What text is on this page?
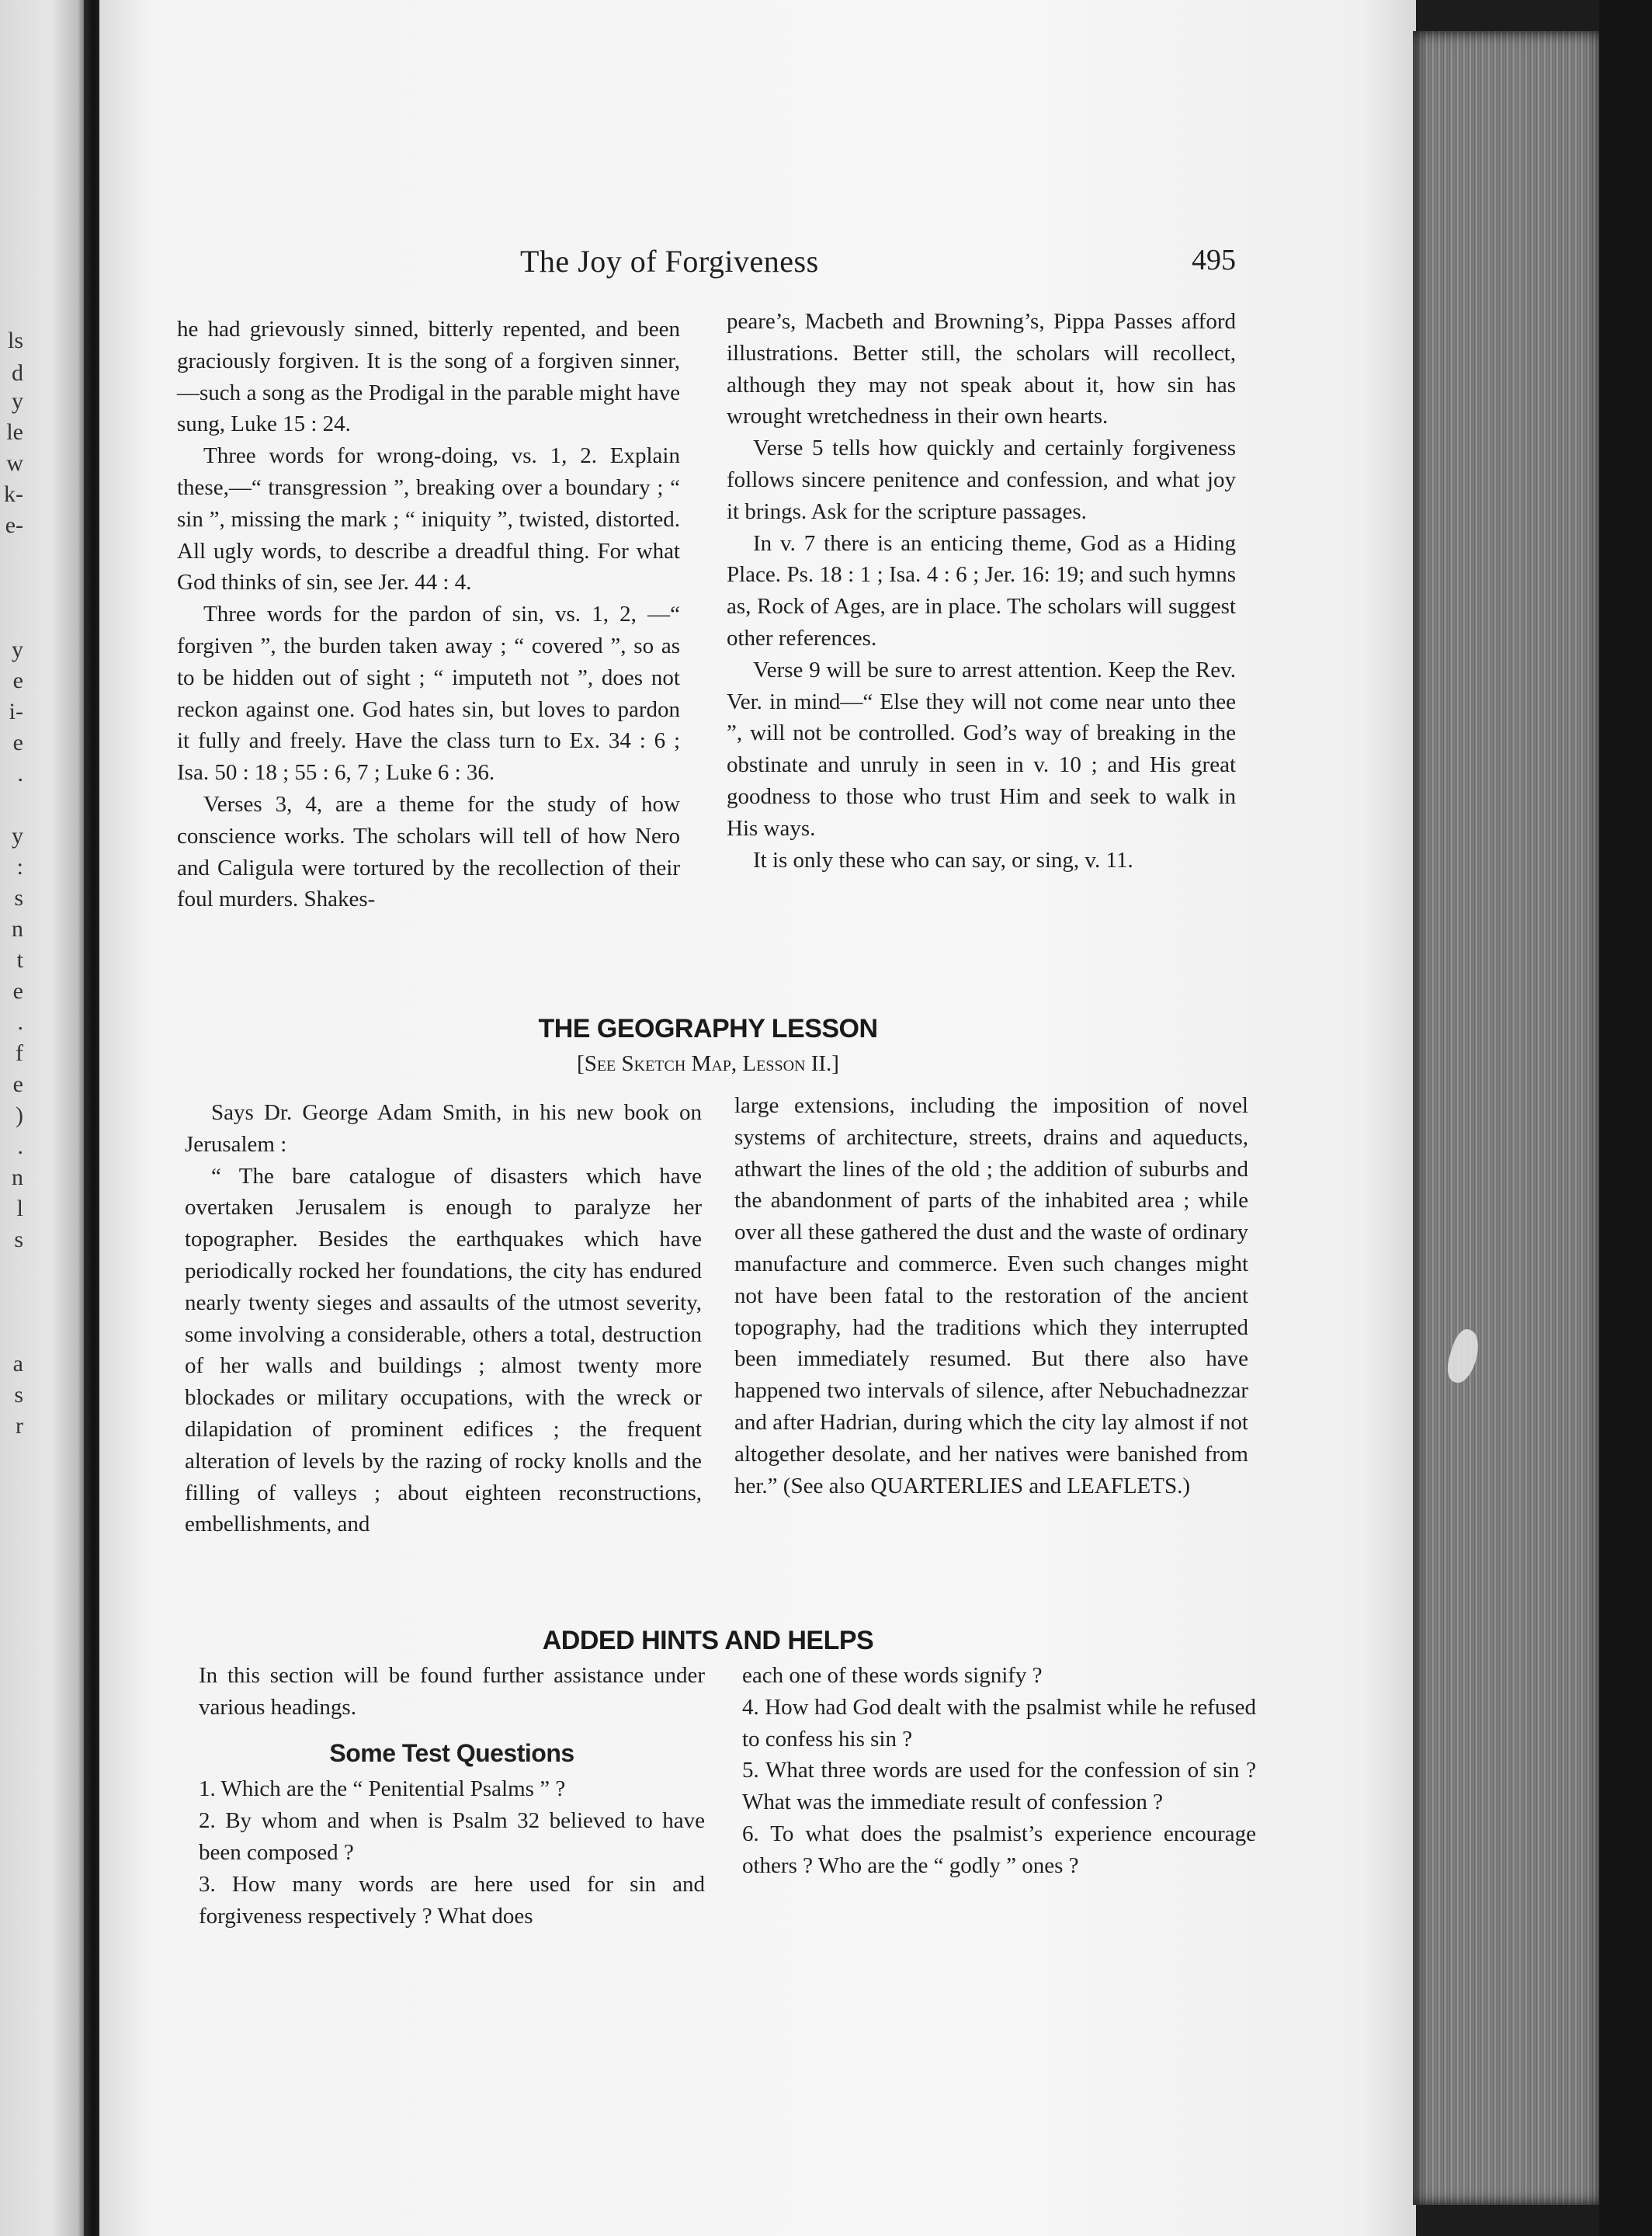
ls
d
y
le
w
k-
e-
y
e
i-
e
.
y
:
s
n
t
e
.
f
e
)
.
n
l
s
a
s
r
The Joy of Forgiveness	495

he had grievously sinned, bitterly repented, and been graciously forgiven. It is the song of a forgiven sinner,—such a song as the Prodigal in the parable might have sung, Luke 15 : 24.

Three words for wrong-doing, vs. 1, 2. Explain these,—“ transgression ”, breaking over a boundary ; “ sin ”, missing the mark ; “ iniquity ”, twisted, distorted. All ugly words, to describe a dreadful thing. For what God thinks of sin, see Jer. 44 : 4.

Three words for the pardon of sin, vs. 1, 2, —“ forgiven ”, the burden taken away ; “ covered ”, so as to be hidden out of sight ; “ imputeth not ”, does not reckon against one. God hates sin, but loves to pardon it fully and freely. Have the class turn to Ex. 34 : 6 ; Isa. 50 : 18 ; 55 : 6, 7 ; Luke 6 : 36.

Verses 3, 4, are a theme for the study of how conscience works. The scholars will tell of how Nero and Caligula were tortured by the recollection of their foul murders. Shakes-

peare’s, Macbeth and Browning’s, Pippa Passes afford illustrations. Better still, the scholars will recollect, although they may not speak about it, how sin has wrought wretchedness in their own hearts.

Verse 5 tells how quickly and certainly forgiveness follows sincere penitence and confession, and what joy it brings. Ask for the scripture passages.

In v. 7 there is an enticing theme, God as a Hiding Place. Ps. 18 : 1 ; Isa. 4 : 6 ; Jer. 16: 19; and such hymns as, Rock of Ages, are in place. The scholars will suggest other references.

Verse 9 will be sure to arrest attention. Keep the Rev. Ver. in mind—“ Else they will not come near unto thee ”, will not be controlled. God’s way of breaking in the obstinate and unruly in seen in v. 10 ; and His great goodness to those who trust Him and seek to walk in His ways.

It is only these who can say, or sing, v. 11.

THE GEOGRAPHY LESSON
[See Sketch Map, Lesson II.]

Says Dr. George Adam Smith, in his new book on Jerusalem :

“ The bare catalogue of disasters which have overtaken Jerusalem is enough to paralyze her topographer. Besides the earthquakes which have periodically rocked her foundations, the city has endured nearly twenty sieges and assaults of the utmost severity, some involving a considerable, others a total, destruction of her walls and buildings ; almost twenty more blockades or military occupations, with the wreck or dilapidation of prominent edifices ; the frequent alteration of levels by the razing of rocky knolls and the filling of valleys ; about eighteen reconstructions, embellishments, and

large extensions, including the imposition of novel systems of architecture, streets, drains and aqueducts, athwart the lines of the old ; the addition of suburbs and the abandonment of parts of the inhabited area ; while over all these gathered the dust and the waste of ordinary manufacture and commerce. Even such changes might not have been fatal to the restoration of the ancient topography, had the traditions which they interrupted been immediately resumed. But there also have happened two intervals of silence, after Nebuchadnezzar and after Hadrian, during which the city lay almost if not altogether desolate, and her natives were banished from her.” (See also QUARTERLIES and LEAFLETS.)

ADDED HINTS AND HELPS

In this section will be found further assistance under various headings.

Some Test Questions

1. Which are the “ Penitential Psalms ” ?

2. By whom and when is Psalm 32 believed to have been composed ?

3. How many words are here used for sin and forgiveness respectively ? What does

each one of these words signify ?

4. How had God dealt with the psalmist while he refused to confess his sin ?

5. What three words are used for the confession of sin ? What was the immediate result of confession ?

6. To what does the psalmist’s experience encourage others ? Who are the “ godly ” ones ?
